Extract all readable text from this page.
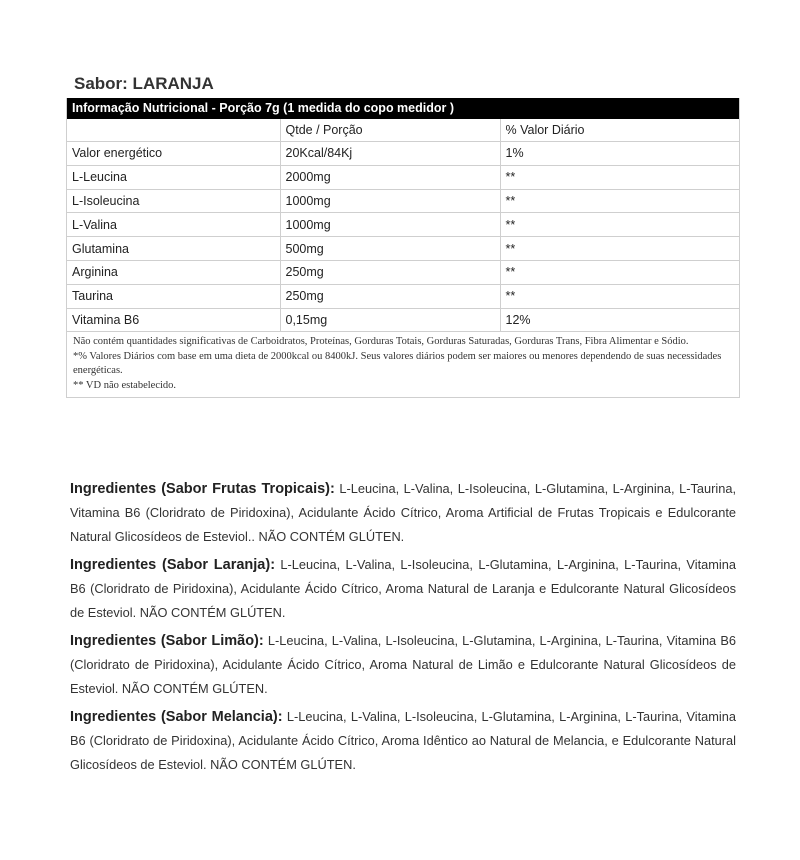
Sabor: LARANJA
Informação Nutricional - Porção 7g (1 medida do copo medidor )
	Qtde / Porção	% Valor Diário
Valor energético	20Kcal/84Kj	1%
L-Leucina	2000mg	**
L-Isoleucina	1000mg	**
L-Valina	1000mg	**
Glutamina	500mg	**
Arginina	250mg	**
Taurina	250mg	**
Vitamina B6	0,15mg	12%
Não contém quantidades significativas de Carboidratos, Proteínas, Gorduras Totais, Gorduras Saturadas, Gorduras Trans, Fibra Alimentar e Sódio.
*% Valores Diários com base em uma dieta de 2000kcal ou 8400kJ. Seus valores diários podem ser maiores ou menores dependendo de suas necessidades energéticas.
** VD não estabelecido.

Ingredientes (Sabor Frutas Tropicais): L-Leucina, L-Valina, L-Isoleucina, L-Glutamina, L-Arginina, L-Taurina, Vitamina B6 (Cloridrato de Piridoxina), Acidulante Ácido Cítrico, Aroma Artificial de Frutas Tropicais e Edulcorante Natural Glicosídeos de Esteviol.. NÃO CONTÉM GLÚTEN.

Ingredientes (Sabor Laranja): L-Leucina, L-Valina, L-Isoleucina, L-Glutamina, L-Arginina, L-Taurina, Vitamina B6 (Cloridrato de Piridoxina), Acidulante Ácido Cítrico, Aroma Natural de Laranja e Edulcorante Natural Glicosídeos de Esteviol. NÃO CONTÉM GLÚTEN.

Ingredientes (Sabor Limão): L-Leucina, L-Valina, L-Isoleucina, L-Glutamina, L-Arginina, L-Taurina, Vitamina B6 (Cloridrato de Piridoxina), Acidulante Ácido Cítrico, Aroma Natural de Limão e Edulcorante Natural Glicosídeos de Esteviol. NÃO CONTÉM GLÚTEN.

Ingredientes (Sabor Melancia): L-Leucina, L-Valina, L-Isoleucina, L-Glutamina, L-Arginina, L-Taurina, Vitamina B6 (Cloridrato de Piridoxina), Acidulante Ácido Cítrico, Aroma Idêntico ao Natural de Melancia, e Edulcorante Natural Glicosídeos de Esteviol. NÃO CONTÉM GLÚTEN.
